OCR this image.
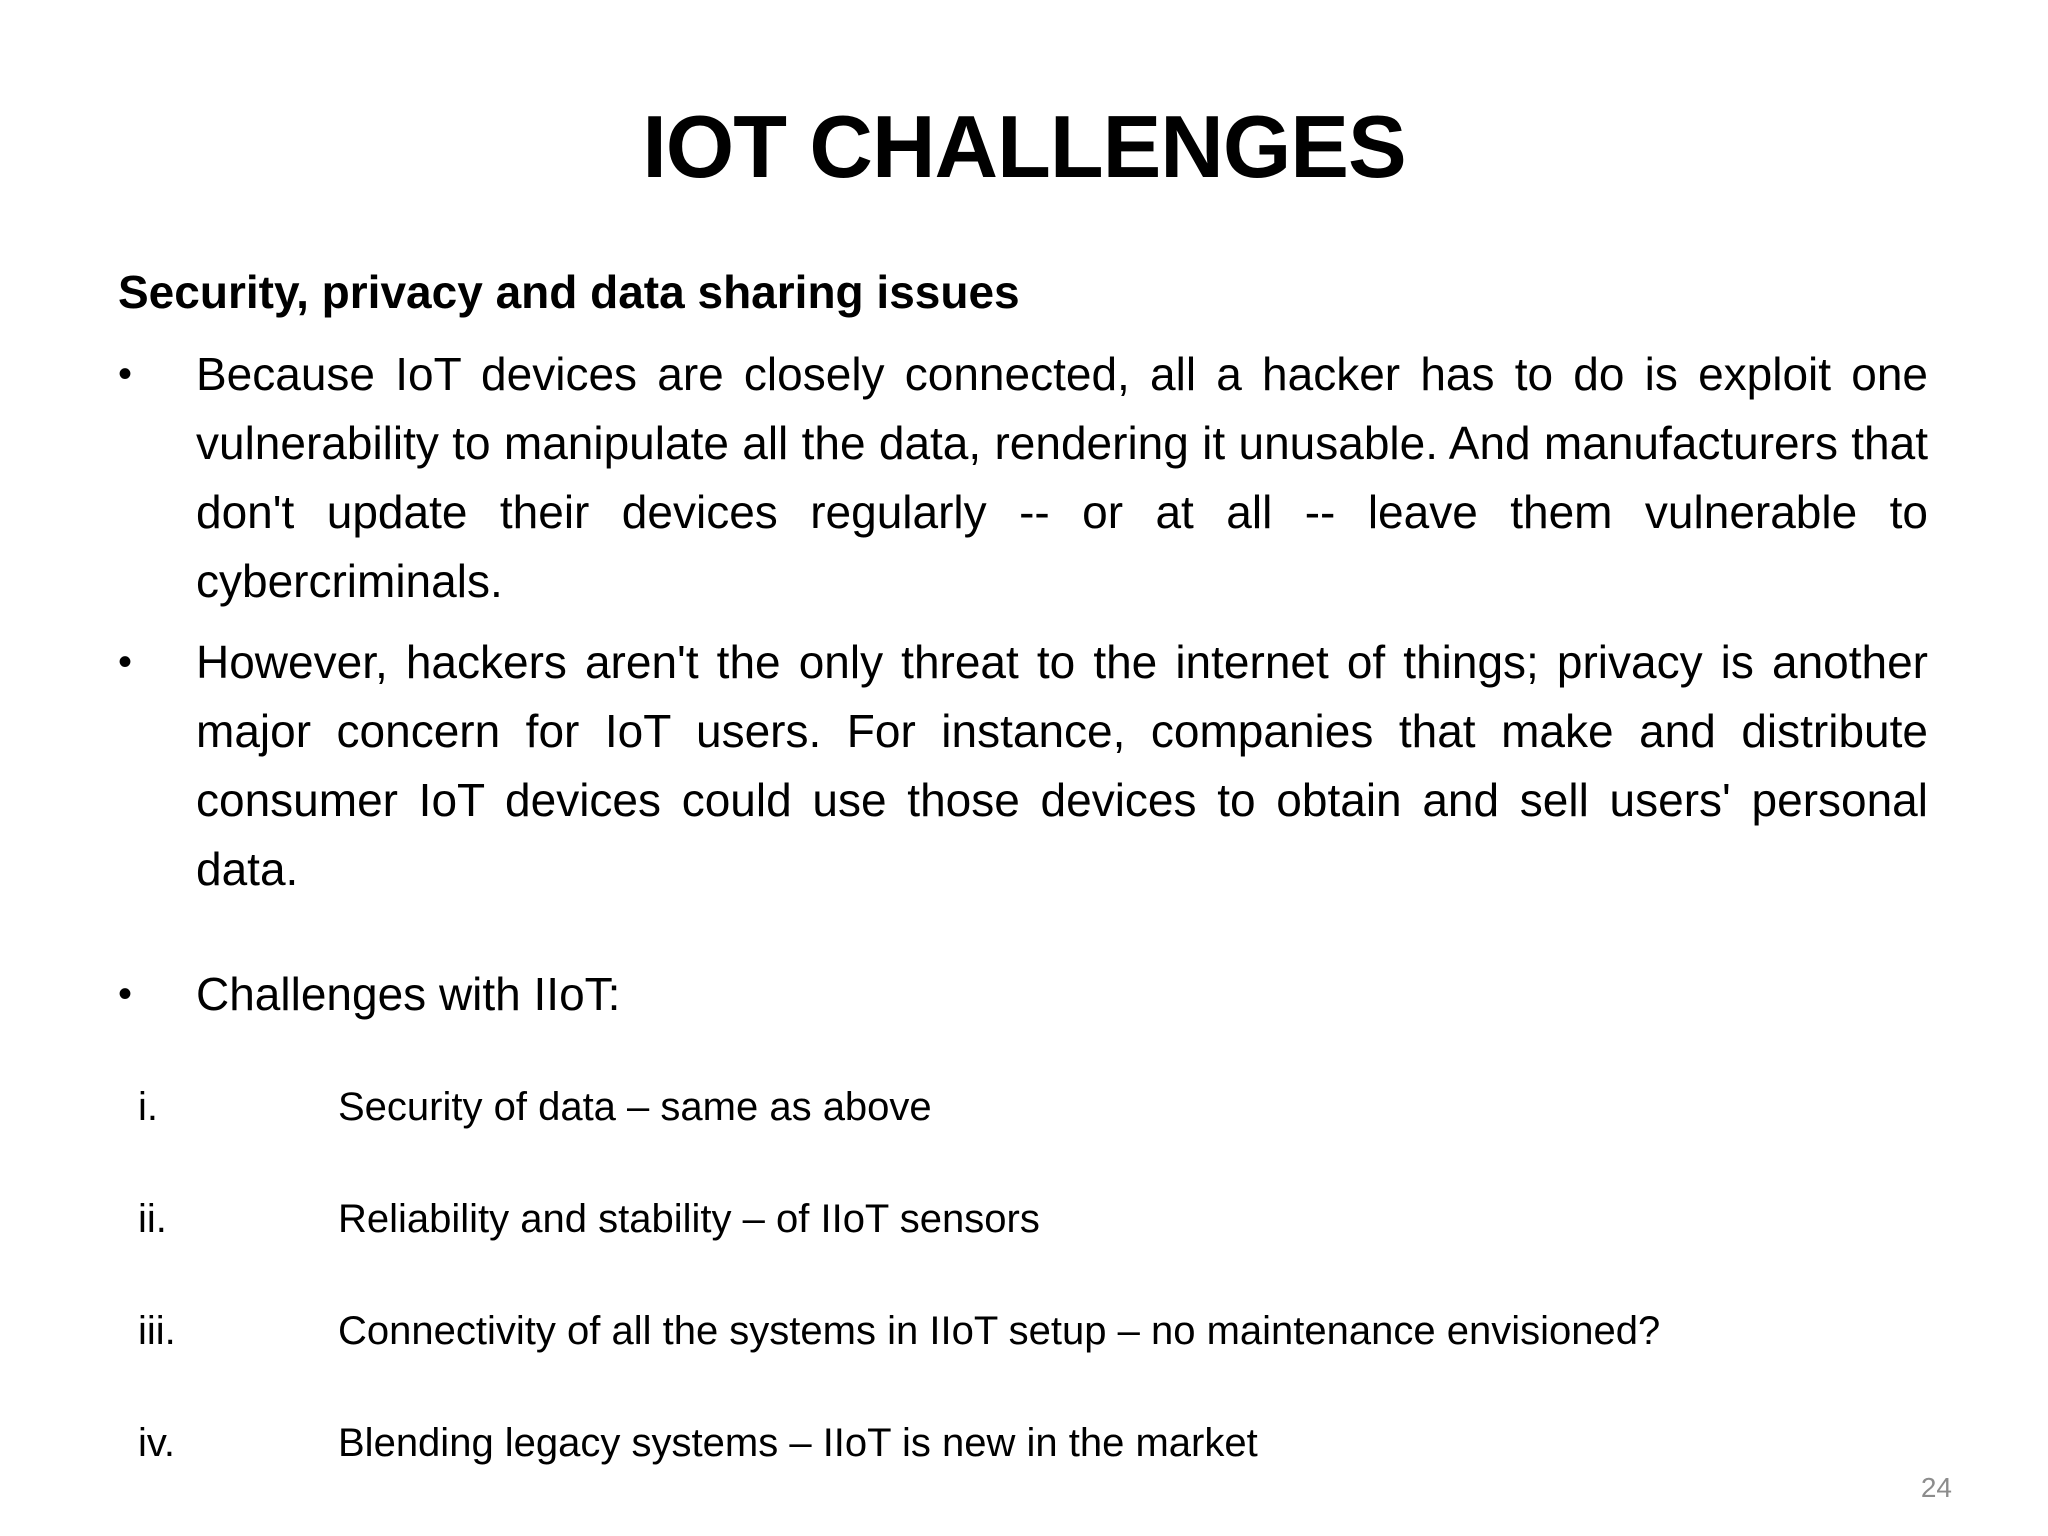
IOT CHALLENGES
Security, privacy and data sharing issues
•	Because IoT devices are closely connected, all a hacker has to do is exploit one vulnerability to manipulate all the data, rendering it unusable. And manufacturers that don't update their devices regularly -- or at all -- leave them vulnerable to cybercriminals.
•	However, hackers aren't the only threat to the internet of things; privacy is another major concern for IoT users. For instance, companies that make and distribute consumer IoT devices could use those devices to obtain and sell users' personal data.
•	Challenges with IIoT:
i.	Security of data – same as above
ii.	Reliability and stability – of IIoT sensors
iii.	Connectivity of all the systems in IIoT setup – no maintenance envisioned?
iv.	Blending legacy systems – IIoT is new in the market
24
